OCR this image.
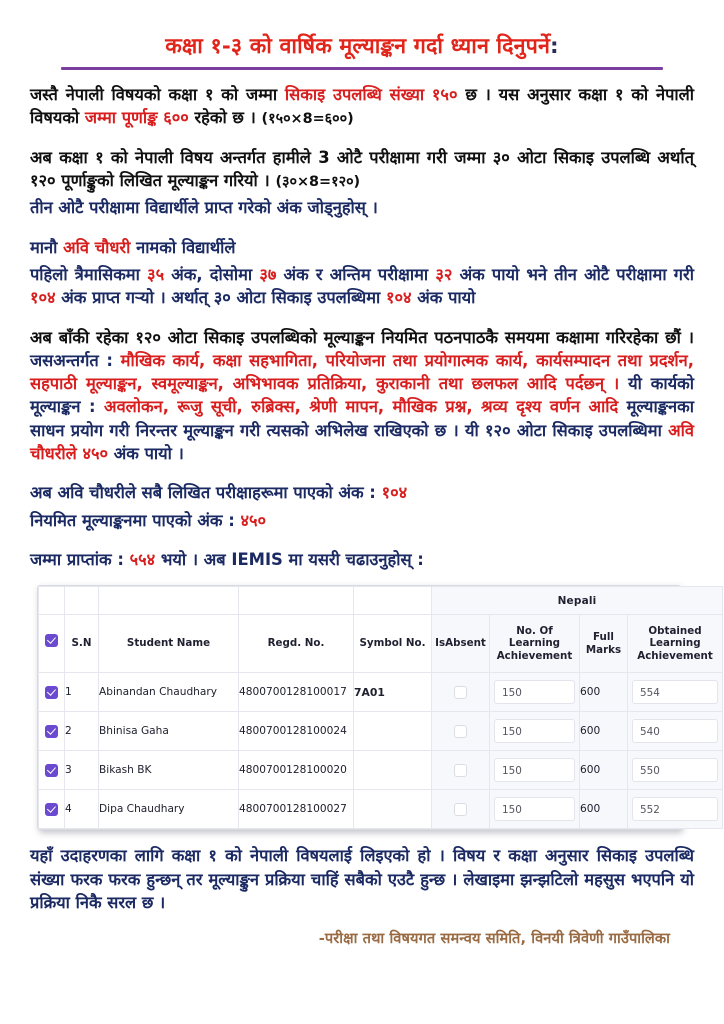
कक्षा १-३ को वार्षिक मूल्याङ्कन गर्दा ध्यान दिनुपर्ने:

जस्तै नेपाली विषयको कक्षा १ को जम्मा सिकाइ उपलब्धि संख्या १५० छ । यस अनुसार कक्षा १ को नेपाली विषयको जम्मा पूर्णाङ्क ६०० रहेको छ । (१५०×8=६००)

अब कक्षा १ को नेपाली विषय अन्तर्गत हामीले 3 ओटै परीक्षामा गरी जम्मा ३० ओटा सिकाइ उपलब्धि अर्थात् १२० पूर्णाङ्कुको लिखित मूल्याङ्कन गरियो । (३०×8=१२०)

तीन ओटै परीक्षामा विद्यार्थीले प्राप्त गरेको अंक जोड्नुहोस् ।

मानौ अवि चौधरी नामको विद्यार्थीले

पहिलो त्रैमासिकमा ३५ अंक, दोसोमा ३७ अंक र अन्तिम परीक्षामा ३२ अंक पायो भने तीन ओटै परीक्षामा गरी १०४ अंक प्राप्त गर्‍यो । अर्थात् ३० ओटा सिकाइ उपलब्धिमा १०४ अंक पायो

अब बाँकी रहेका १२० ओटा सिकाइ उपलब्धिको मूल्याङ्कन नियमित पठनपाठकै समयमा कक्षामा गरिरहेका छौं । जसअन्तर्गत : मौखिक कार्य, कक्षा सहभागिता, परियोजना तथा प्रयोगात्मक कार्य, कार्यसम्पादन तथा प्रदर्शन, सहपाठी मूल्याङ्कन, स्वमूल्याङ्कन, अभिभावक प्रतिक्रिया, कुराकानी तथा छलफल आदि पर्दछन् । यी कार्यको मूल्याङ्कन : अवलोकन, रूजु सूची, रुब्रिक्स, श्रेणी मापन, मौखिक प्रश्न, श्रव्य दृश्य वर्णन आदि मूल्याङ्कनका साधन प्रयोग गरी निरन्तर मूल्याङ्कन गरी त्यसको अभिलेख राखिएको छ । यी १२० ओटा सिकाइ उपलब्धिमा अवि चौधरीले ४५० अंक पायो ।

अब अवि चौधरीले सबै लिखित परीक्षाहरूमा पाएको अंक : १०४

नियमित मूल्याङ्कनमा पाएको अंक : ४५०

जम्मा प्राप्तांक : ५५४ भयो । अब IEMIS मा यसरी चढाउनुहोस् :

					Nepali			
	S.N	Student Name	Regd. No.	Symbol No.	IsAbsent	No. Of Learning Achievement	Full Marks	Obtained Learning Achievement
	1	Abinandan Chaudhary	4800700128100017	7A01		150	600	554

	2	Bhinisa Gaha	4800700128100024			150	600	540

	3	Bikash BK	4800700128100020			150	600	550

	4	Dipa Chaudhary	4800700128100027			150	600	552

यहाँ उदाहरणका लागि कक्षा १ को नेपाली विषयलाई लिइएको हो । विषय र कक्षा अनुसार सिकाइ उपलब्धि संख्या फरक फरक हुन्छन् तर मूल्याङ्कुन प्रक्रिया चाहिं सबैको एउटै हुन्छ । लेखाइमा झन्झटिलो महसुस भएपनि यो प्रक्रिया निकै सरल छ ।

-परीक्षा तथा विषयगत समन्वय समिति, विनयी त्रिवेणी गाउँपालिका
